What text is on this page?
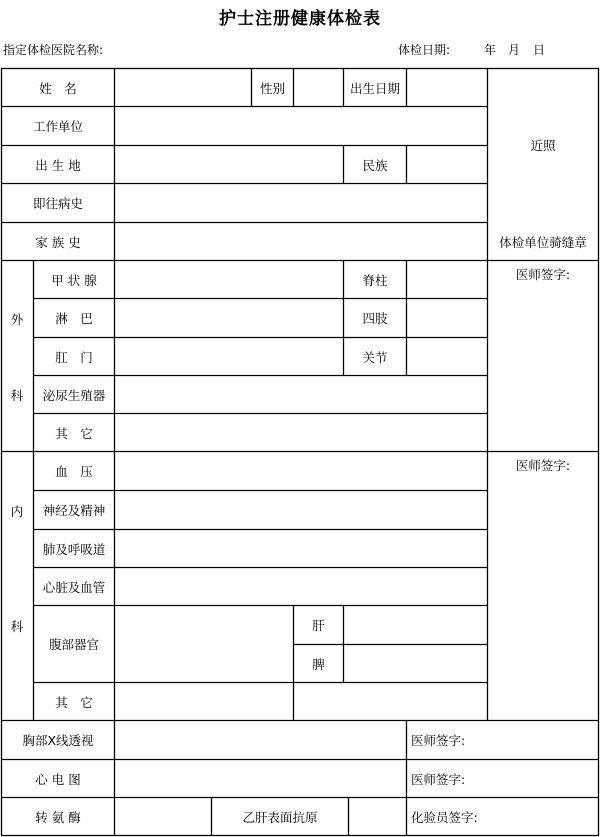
护士注册健康体检表
指定体检医院名称:	体检日期:	年 月 日
姓　名	性别	出生日期
近照
体检单位骑缝章
工作单位
出 生 地	民族
即往病史
家 族 史
外
科
甲 状 腺	脊柱
淋　巴	四肢
肛　门	关节
泌尿生殖器
其　它
医师签字:
内
科
血　压
神经及精神
肺及呼吸道
心脏及血管
腹部器官
肝
脾
其　它
医师签字:
胸部X线透视	医师签字:
心 电 图	医师签字:
转 氨 酶	乙肝表面抗原	化验员签字:
